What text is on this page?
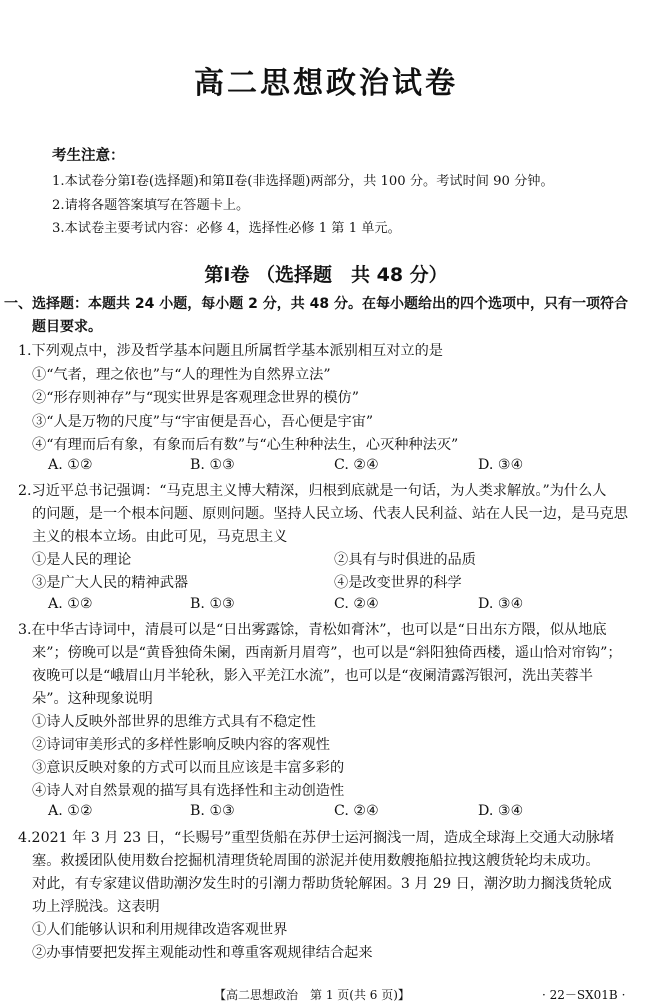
高二思想政治试卷
考生注意：
1.本试卷分第Ⅰ卷(选择题)和第Ⅱ卷(非选择题)两部分，共 100 分。考试时间 90 分钟。
2.请将各题答案填写在答题卡上。
3.本试卷主要考试内容：必修 4，选择性必修 1 第 1 单元。
第Ⅰ卷 （选择题　共 48 分）
一、选择题：本题共 24 小题，每小题 2 分，共 48 分。在每小题给出的四个选项中，只有一项符合
题目要求。
1.下列观点中，涉及哲学基本问题且所属哲学基本派别相互对立的是
①“气者，理之依也”与“人的理性为自然界立法”
②“形存则神存”与“现实世界是客观理念世界的模仿”
③“人是万物的尺度”与“宇宙便是吾心，吾心便是宇宙”
④“有理而后有象，有象而后有数”与“心生种种法生，心灭种种法灭”
A. ①②	B. ①③	C. ②④	D. ③④
2.习近平总书记强调：“马克思主义博大精深，归根到底就是一句话，为人类求解放。”为什么人
的问题，是一个根本问题、原则问题。坚持人民立场、代表人民利益、站在人民一边，是马克思
主义的根本立场。由此可见，马克思主义
①是人民的理论	②具有与时俱进的品质
③是广大人民的精神武器	④是改变世界的科学
A. ①②	B. ①③	C. ②④	D. ③④
3.在中华古诗词中，清晨可以是“日出雾露馀，青松如膏沐”，也可以是“日出东方隈，似从地底
来”；傍晚可以是“黄昏独倚朱阑，西南新月眉弯”，也可以是“斜阳独倚西楼，遥山恰对帘钩”；
夜晚可以是“峨眉山月半轮秋，影入平羌江水流”，也可以是“夜阑清露泻银河，洗出芙蓉半
朵”。这种现象说明
①诗人反映外部世界的思维方式具有不稳定性
②诗词审美形式的多样性影响反映内容的客观性
③意识反映对象的方式可以而且应该是丰富多彩的
④诗人对自然景观的描写具有选择性和主动创造性
A. ①②	B. ①③	C. ②④	D. ③④
4.2021 年 3 月 23 日，“长赐号”重型货船在苏伊士运河搁浅一周，造成全球海上交通大动脉堵
塞。救援团队使用数台挖掘机清理货轮周围的淤泥并使用数艘拖船拉拽这艘货轮均未成功。
对此，有专家建议借助潮汐发生时的引潮力帮助货轮解困。3 月 29 日，潮汐助力搁浅货轮成
功上浮脱浅。这表明
①人们能够认识和利用规律改造客观世界
②办事情要把发挥主观能动性和尊重客观规律结合起来
【高二思想政治　第 1 页(共 6 页)】	· 22－SX01B ·
